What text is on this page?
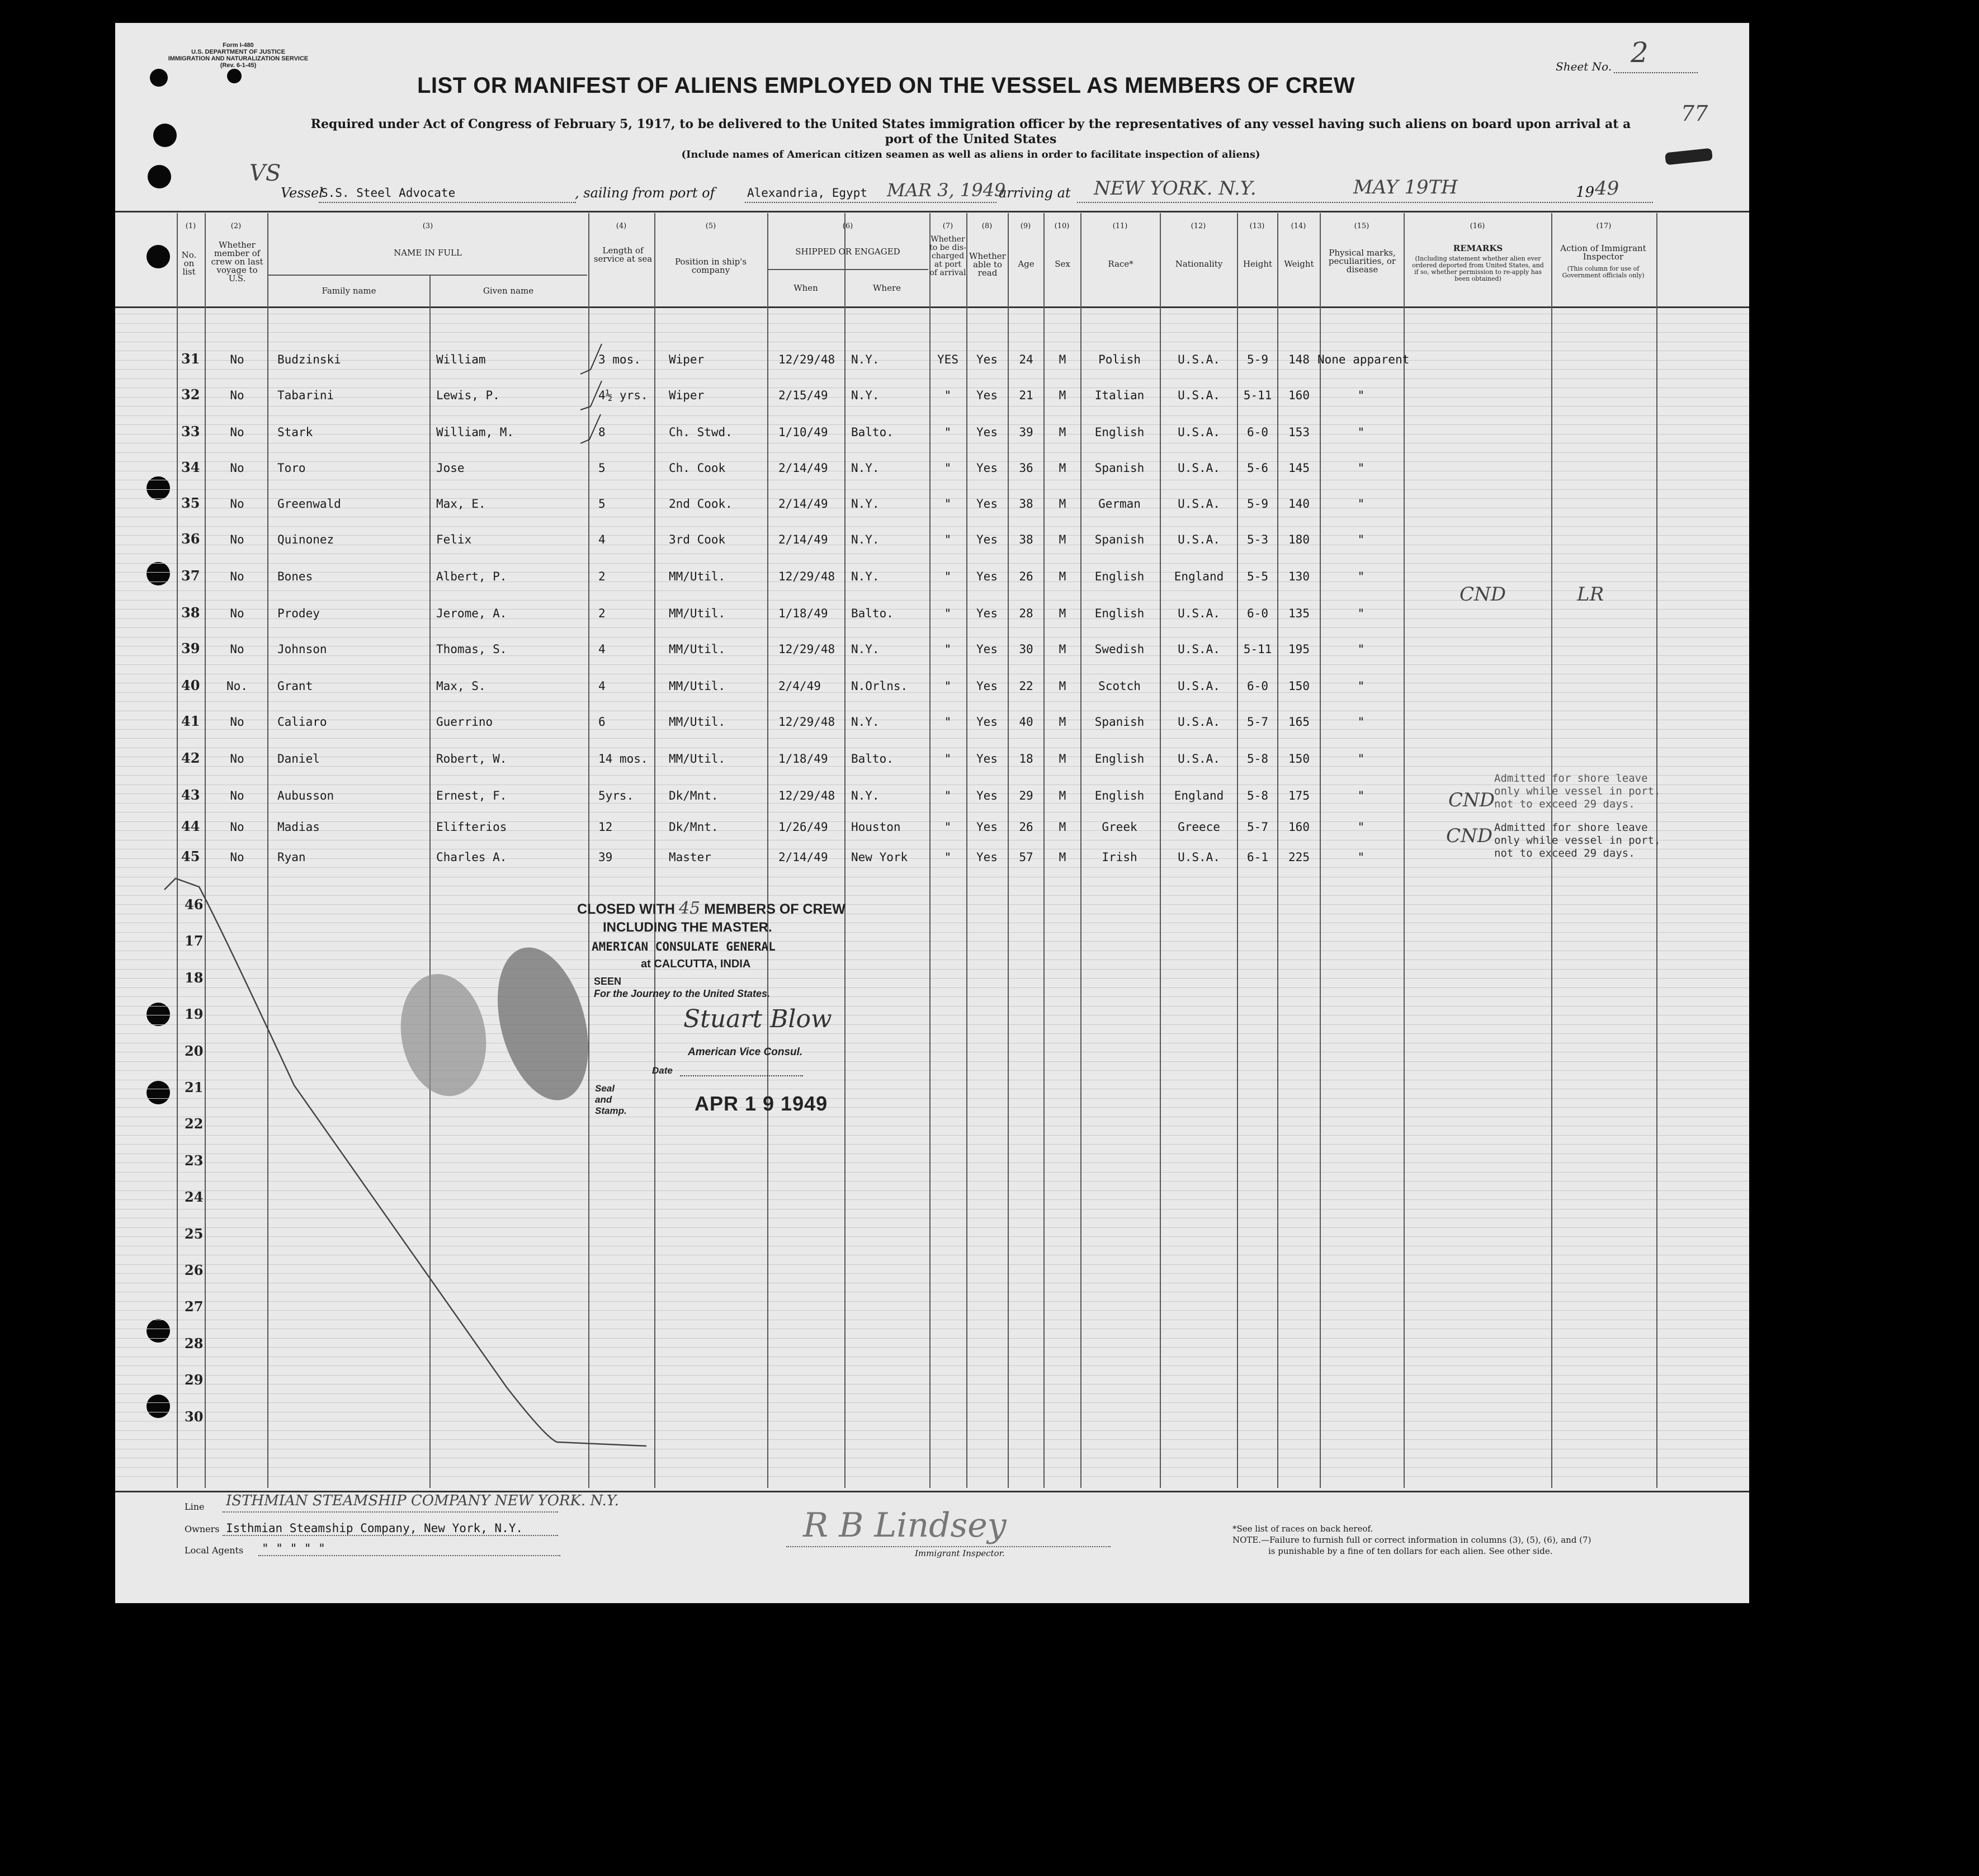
Form I-480
U.S. DEPARTMENT OF JUSTICE
IMMIGRATION AND NATURALIZATION SERVICE
(Rev. 6-1-45)	Sheet No. 2
77
LIST OR MANIFEST OF ALIENS EMPLOYED ON THE VESSEL AS MEMBERS OF CREW
Required under Act of Congress of February 5, 1917, to be delivered to the United States immigration officer by the representatives of any vessel having such aliens on board upon arrival at a
port of the United States
(Include names of American citizen seamen as well as aliens in order to facilitate inspection of aliens)
VS
Vessel
S.S. Steel Advocate	, sailing from port of	Alexandria, Egypt MAR 3, 1949
arriving at NEW YORK. N.Y.	MAY 19TH	19 49
(1)	(2)	(3)	(4)	(5)	(6)	(7)	(8)	(9)	(10)	(11)	(12)	(13)	(14)	(15)	(16)	(17)
No. on list
Whether member of crew on last voyage to U.S.
NAME IN FULL
Family name	Given name
Length of service at sea	Position in ship's company
SHIPPED OR ENGAGED
When	Where
Whether to be dis-charged at port of arrival
Whether able to read
Age	Sex	Race*	Nationality	Height	Weight
Physical marks, peculiarities, or disease
REMARKS
(Including statement whether alien ever ordered deported from United States, and if so, whether permission to re-apply has been obtained)
Action of Immigrant Inspector
(This column for use of Government officials only)
31	No	Budzinski	William	3 mos.	Wiper	12/29/48	N.Y.	YES	Yes	24	M	Polish	U.S.A.	5-9	148 None apparent
32	No	Tabarini	Lewis, P.	4½ yrs.	Wiper	2/15/49	N.Y.	"	Yes	21	M	Italian	U.S.A.	5-11	160	"
33	No	Stark	William, M.	8	Ch. Stwd.	1/10/49	Balto.	"	Yes	39	M	English	U.S.A.	6-0	153	"
34	No	Toro	Jose	5	Ch. Cook	2/14/49	N.Y.	"	Yes	36	M	Spanish	U.S.A.	5-6	145	"
35	No	Greenwald	Max, E.	5	2nd Cook.	2/14/49	N.Y.	"	Yes	38	M	German	U.S.A.	5-9	140	"
36	No	Quinonez	Felix	4	3rd Cook	2/14/49	N.Y.	"	Yes	38	M	Spanish	U.S.A.	5-3	180	"
37	No	Bones	Albert, P.	2	MM/Util.	12/29/48	N.Y.	"	Yes	26	M	English	England	5-5	130	"
38	No	Prodey	Jerome, A.	2	MM/Util.	1/18/49	Balto.	"	Yes	28	M	English	U.S.A.	6-0	135	"
39	No	Johnson	Thomas, S.	4	MM/Util.	12/29/48	N.Y.	"	Yes	30	M	Swedish	U.S.A.	5-11	195	"
40	No.	Grant	Max, S.	4	MM/Util.	2/4/49	N.Orlns.	"	Yes	22	M	Scotch	U.S.A.	6-0	150	"
41	No	Caliaro	Guerrino	6	MM/Util.	12/29/48	N.Y.	"	Yes	40	M	Spanish	U.S.A.	5-7	165	"
42	No	Daniel	Robert, W.	14 mos.	MM/Util.	1/18/49	Balto.	"	Yes	18	M	English	U.S.A.	5-8	150	"
43	No	Aubusson	Ernest, F.	5yrs.	Dk/Mnt.	12/29/48	N.Y.	"	Yes	29	M	English	England	5-8	175	"
44	No	Madias	Elifterios	12	Dk/Mnt.	1/26/49	Houston	"	Yes	26	M	Greek	Greece	5-7	160	"
45	No	Ryan	Charles A.	39	Master	2/14/49	New York	"	Yes	57	M	Irish	U.S.A.	6-1	225	"
46
17
18
19
20
21
22
23
24
25
26
27
28
29
30
CND	LR
CND
CND
Admitted for shore leave only while vessel in port, not to exceed 29 days.
Admitted for shore leave only while vessel in port, not to exceed 29 days.
CLOSED WITH 45 MEMBERS OF CREW
INCLUDING THE MASTER.
AMERICAN CONSULATE GENERAL
at CALCUTTA, INDIA
SEEN
For the Journey to the United States.
Stuart Blow
American Vice Consul.
Date
Seal and Stamp.	APR 1 9 1949
Line ISTHMIAN STEAMSHIP COMPANY NEW YORK. N.Y.
Owners Isthmian Steamship Company, New York, N.Y.
Local Agents " " " " "
R B Lindsey
Immigrant Inspector.
*See list of races on back hereof.
NOTE.—Failure to furnish full or correct information in columns (3), (5), (6), and (7)
is punishable by a fine of ten dollars for each alien. See other side.
